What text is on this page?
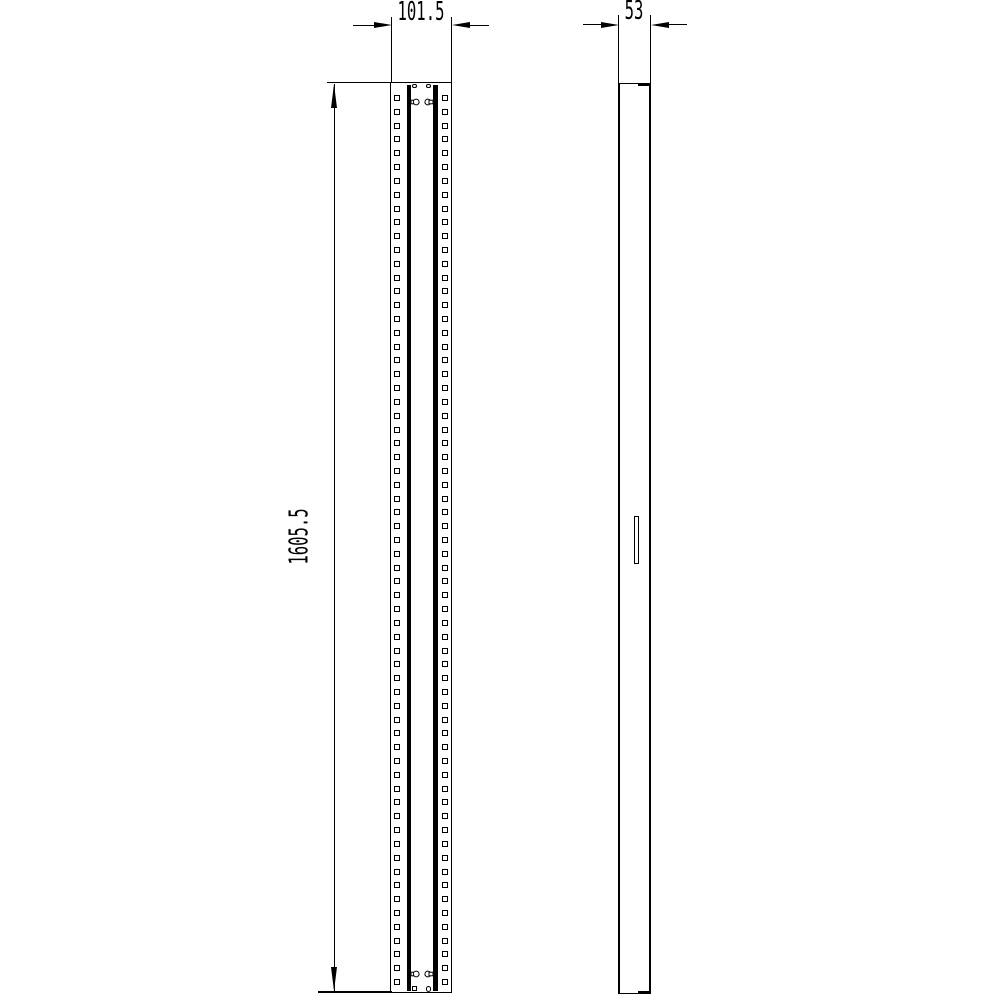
101.5	53
1605.5
